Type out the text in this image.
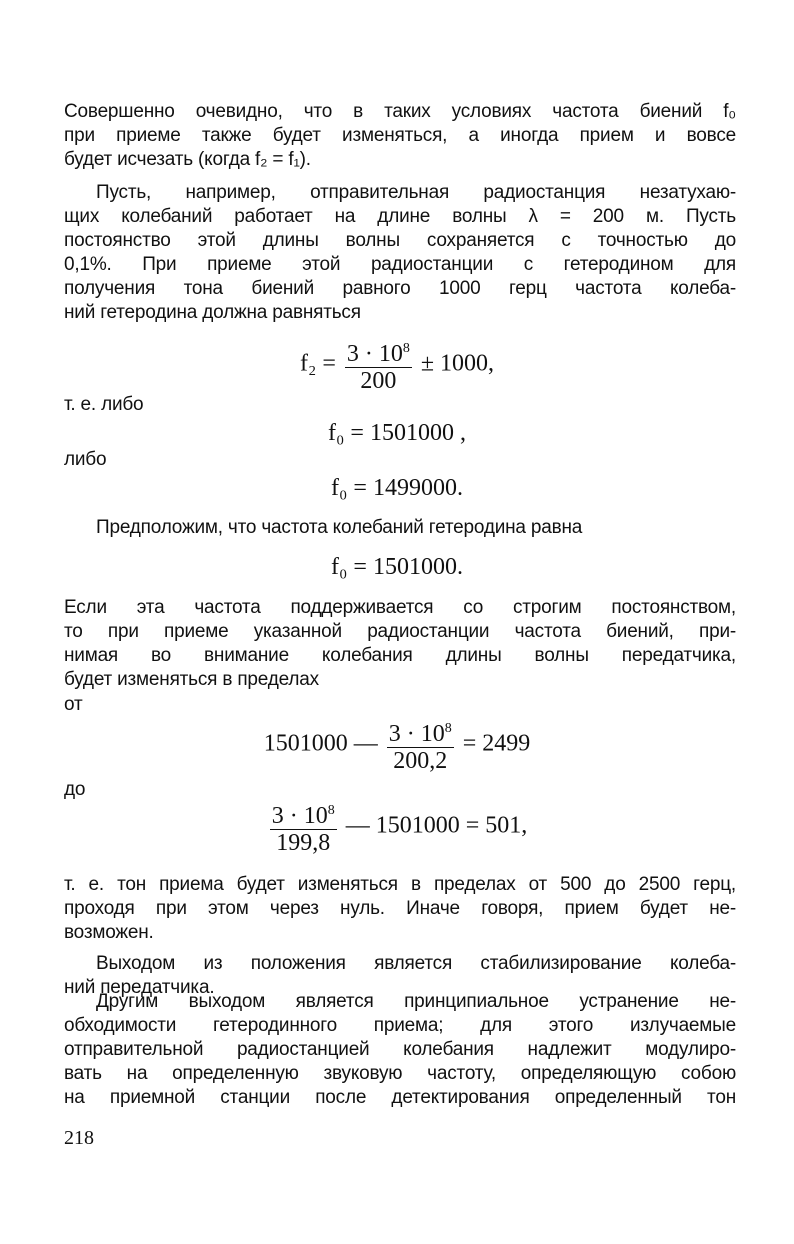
Совершенно очевидно, что в таких условиях частота биений f₀
при приеме также будет изменяться, а иногда прием и вовсе
будет исчезать (когда f₂ = f₁).
Пусть, например, отправительная радиостанция незатухаю-
щих колебаний работает на длине волны λ = 200 м. Пусть
постоянство этой длины волны сохраняется с точностью до
0,1%. При приеме этой радиостанции с гетеродином для
получения тона биений равного 1000 герц частота колеба-
ний гетеродина должна равняться
т. е. либо
либо
Предположим, что частота колебаний гетеродина равна
Если эта частота поддерживается со строгим постоянством,
то при приеме указанной радиостанции частота биений, при-
нимая во внимание колебания длины волны передатчика,
будет изменяться в пределах
от
до
т. е. тон приема будет изменяться в пределах от 500 до 2500 герц,
проходя при этом через нуль. Иначе говоря, прием будет не-
возможен.
Выходом из положения является стабилизирование колеба-
ний передатчика.
Другим выходом является принципиальное устранение не-
обходимости гетеродинного приема; для этого излучаемые
отправительной радиостанцией колебания надлежит модулиро-
вать на определенную звуковую частоту, определяющую собою
на приемной станции после детектирования определенный тон
$f_2 = \frac{3 \cdot 10^8}{200} \pm 1000$,
f₀ = 1501000 ,
f₀ = 1499000.
f₀ = 1501000.
1501000 — $\frac{3 \cdot 10^8}{200,2} = 2499$
$\frac{3 \cdot 10^8}{199,8}$ — 1501000 = 501,
218
